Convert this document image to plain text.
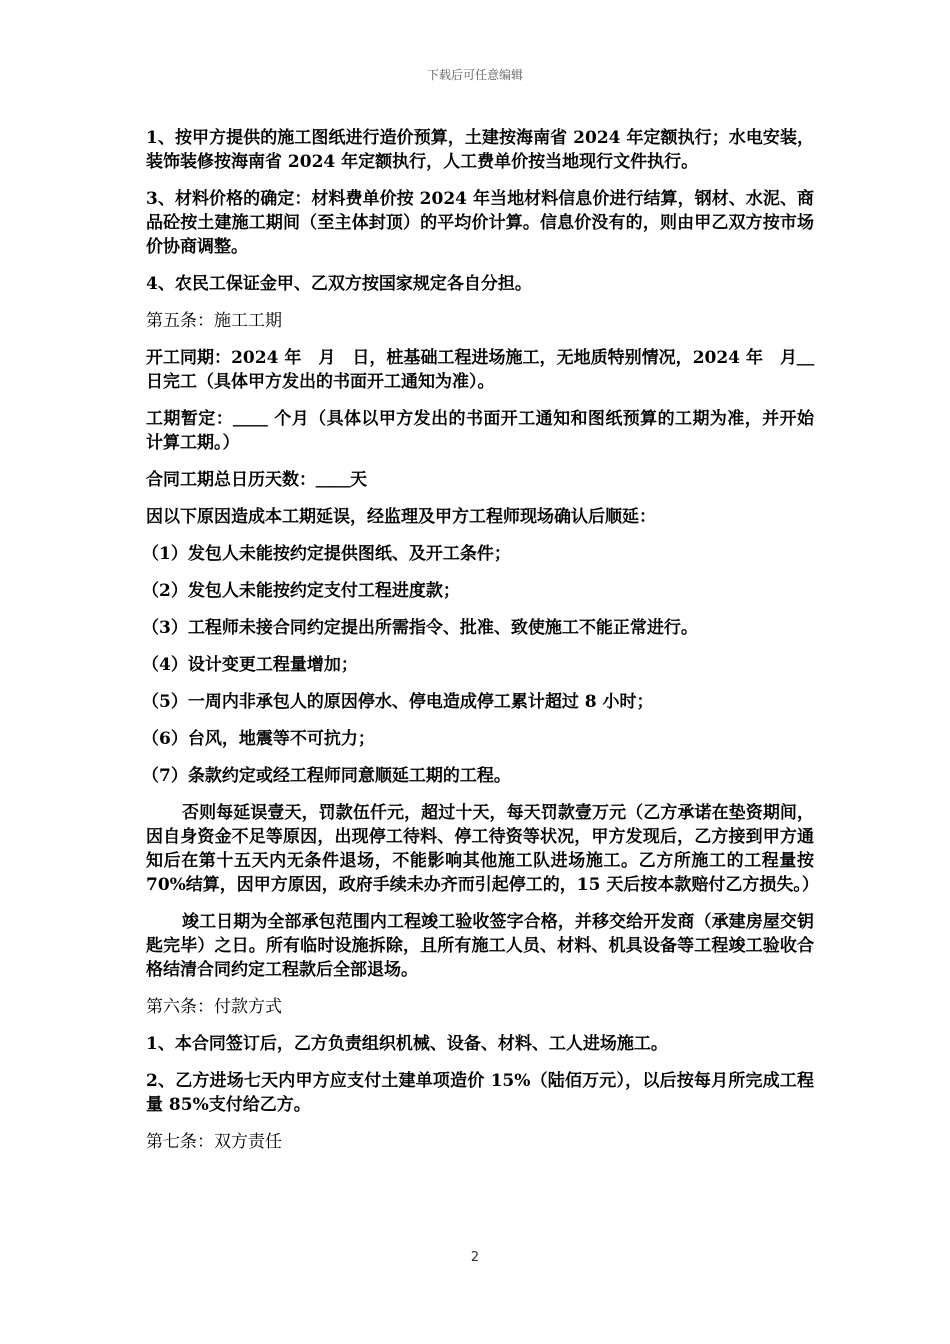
下载后可任意编辑

1、按甲方提供的施工图纸进行造价预算，土建按海南省 2024 年定额执行；水电安装，装饰装修按海南省 2024 年定额执行，人工费单价按当地现行文件执行。

3、材料价格的确定：材料费单价按 2024 年当地材料信息价进行结算，钢材、水泥、商品砼按土建施工期间（至主体封顶）的平均价计算。信息价没有的，则由甲乙双方按市场价协商调整。

4、农民工保证金甲、乙双方按国家规定各自分担。

第五条：施工工期

开工同期：2024 年　月　日，桩基础工程进场施工，无地质特别情况，2024 年　月＿日完工（具体甲方发出的书面开工通知为准）。

工期暂定：＿＿ 个月（具体以甲方发出的书面开工通知和图纸预算的工期为准，并开始计算工期。）

合同工期总日历天数：＿＿天

因以下原因造成本工期延误，经监理及甲方工程师现场确认后顺延：

（1）发包人未能按约定提供图纸、及开工条件；

（2）发包人未能按约定支付工程进度款；

（3）工程师未接合同约定提出所需指令、批准、致使施工不能正常进行。

（4）设计变更工程量增加；

（5）一周内非承包人的原因停水、停电造成停工累计超过 8 小时；

（6）台风，地震等不可抗力；

（7）条款约定或经工程师同意顺延工期的工程。

否则每延误壹天，罚款伍仟元，超过十天，每天罚款壹万元（乙方承诺在垫资期间，因自身资金不足等原因，出现停工待料、停工待资等状况，甲方发现后，乙方接到甲方通知后在第十五天内无条件退场，不能影响其他施工队进场施工。乙方所施工的工程量按 70%结算，因甲方原因，政府手续未办齐而引起停工的，15 天后按本款赔付乙方损失。）

竣工日期为全部承包范围内工程竣工验收签字合格，并移交给开发商（承建房屋交钥匙完毕）之日。所有临时设施拆除，且所有施工人员、材料、机具设备等工程竣工验收合格结清合同约定工程款后全部退场。

第六条：付款方式

1、本合同签订后，乙方负责组织机械、设备、材料、工人进场施工。

2、乙方进场七天内甲方应支付土建单项造价 15%（陆佰万元），以后按每月所完成工程量 85%支付给乙方。

第七条：双方责任

2
